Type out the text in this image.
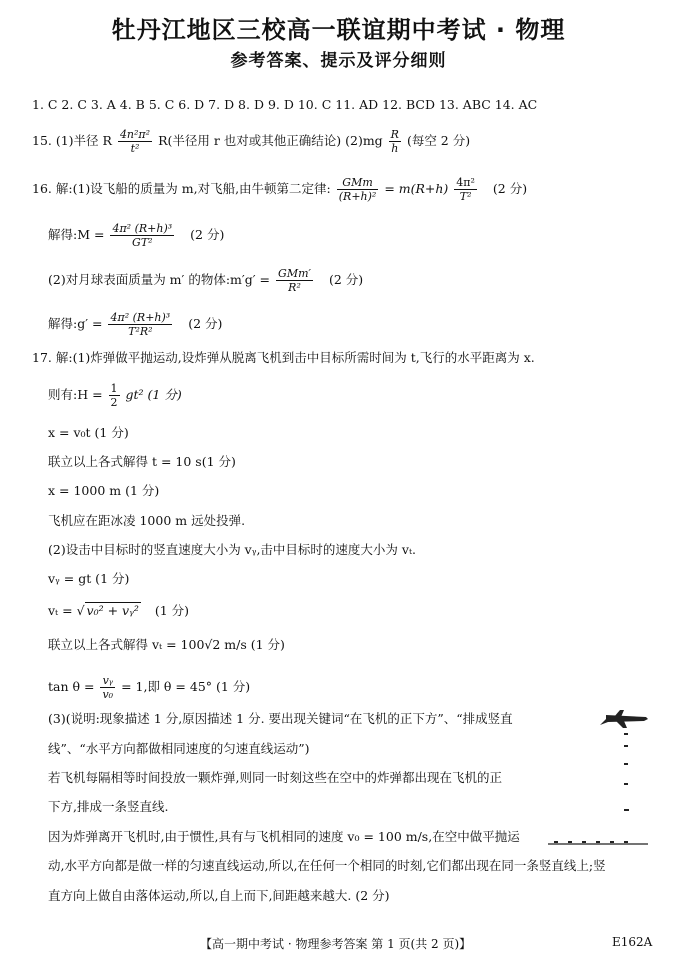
牡丹江地区三校高一联谊期中考试 · 物理
参考答案、提示及评分细则
1. C 2. C 3. A 4. B 5. C 6. D 7. D 8. D 9. D 10. C 11. AD 12. BCD 13. ABC 14. AC
15. (1)半径 R $\frac{\text{4n²π²}}{\text{t²}} R$(半径用 r 也对或其他正确结论) $(2)mg \frac{R}{h}$ (每空 2 分)
16. 解:(1)设飞船的质量为 m,对飞船,由牛顿第二定律:	GMm
(R+h)²
= $m(R+h) \frac{\text{4π²}}{\text{T²}} (2$ 分)
解得:M = $\frac{\text{4π² (R+h)³}}{\text{GT²}} (2$ 分)
(2)对月球表面质量为 m′ 的物体:m′g′ = GMm′
R²
(2 分)
解得:g′ = $\frac{\text{4π² (R+h)³}}{\text{T²R²}} (2$ 分)
17. 解:(1)炸弹做平抛运动,设炸弹从脱离飞机到击中目标所需时间为 t,飞行的水平距离为 x.
则有:H = $\frac{1}{2} gt^2$ (1 分)
x = v₀t (1 分)
联立以上各式解得 t = 10 s(1 分)
x = 1000 m (1 分)
飞机应在距冰凌 1000 m 远处投弹.
(2)设击中目标时的竖直速度大小为 vᵧ,击中目标时的速度大小为 vₜ.
vᵧ = gt (1 分)
vₜ = √ v₀² + vᵧ² (1 分)
联立以上各式解得 vₜ = 100√2 m/s (1 分)
$\tan \theta = \frac{\text{vᵧ}}{\text{v₀}} = 1$,即 θ = 45° (1 分)
(3)(说明:现象描述 1 分,原因描述 1 分. 要出现关键词“在飞机的正下方”、“排成竖直
线”、“水平方向都做相同速度的匀速直线运动”)
若飞机每隔相等时间投放一颗炸弹,则同一时刻这些在空中的炸弹都出现在飞机的正
下方,排成一条竖直线.
因为炸弹离开飞机时,由于惯性,具有与飞机相同的速度 v₀ = 100 m/s,在空中做平抛运
动,水平方向都是做一样的匀速直线运动,所以,在任何一个相同的时刻,它们都出现在同一条竖直线上;竖
直方向上做自由落体运动,所以,自上而下,间距越来越大. (2 分)
【高一期中考试 · 物理参考答案 第 1 页(共 2 页)】	E162A
